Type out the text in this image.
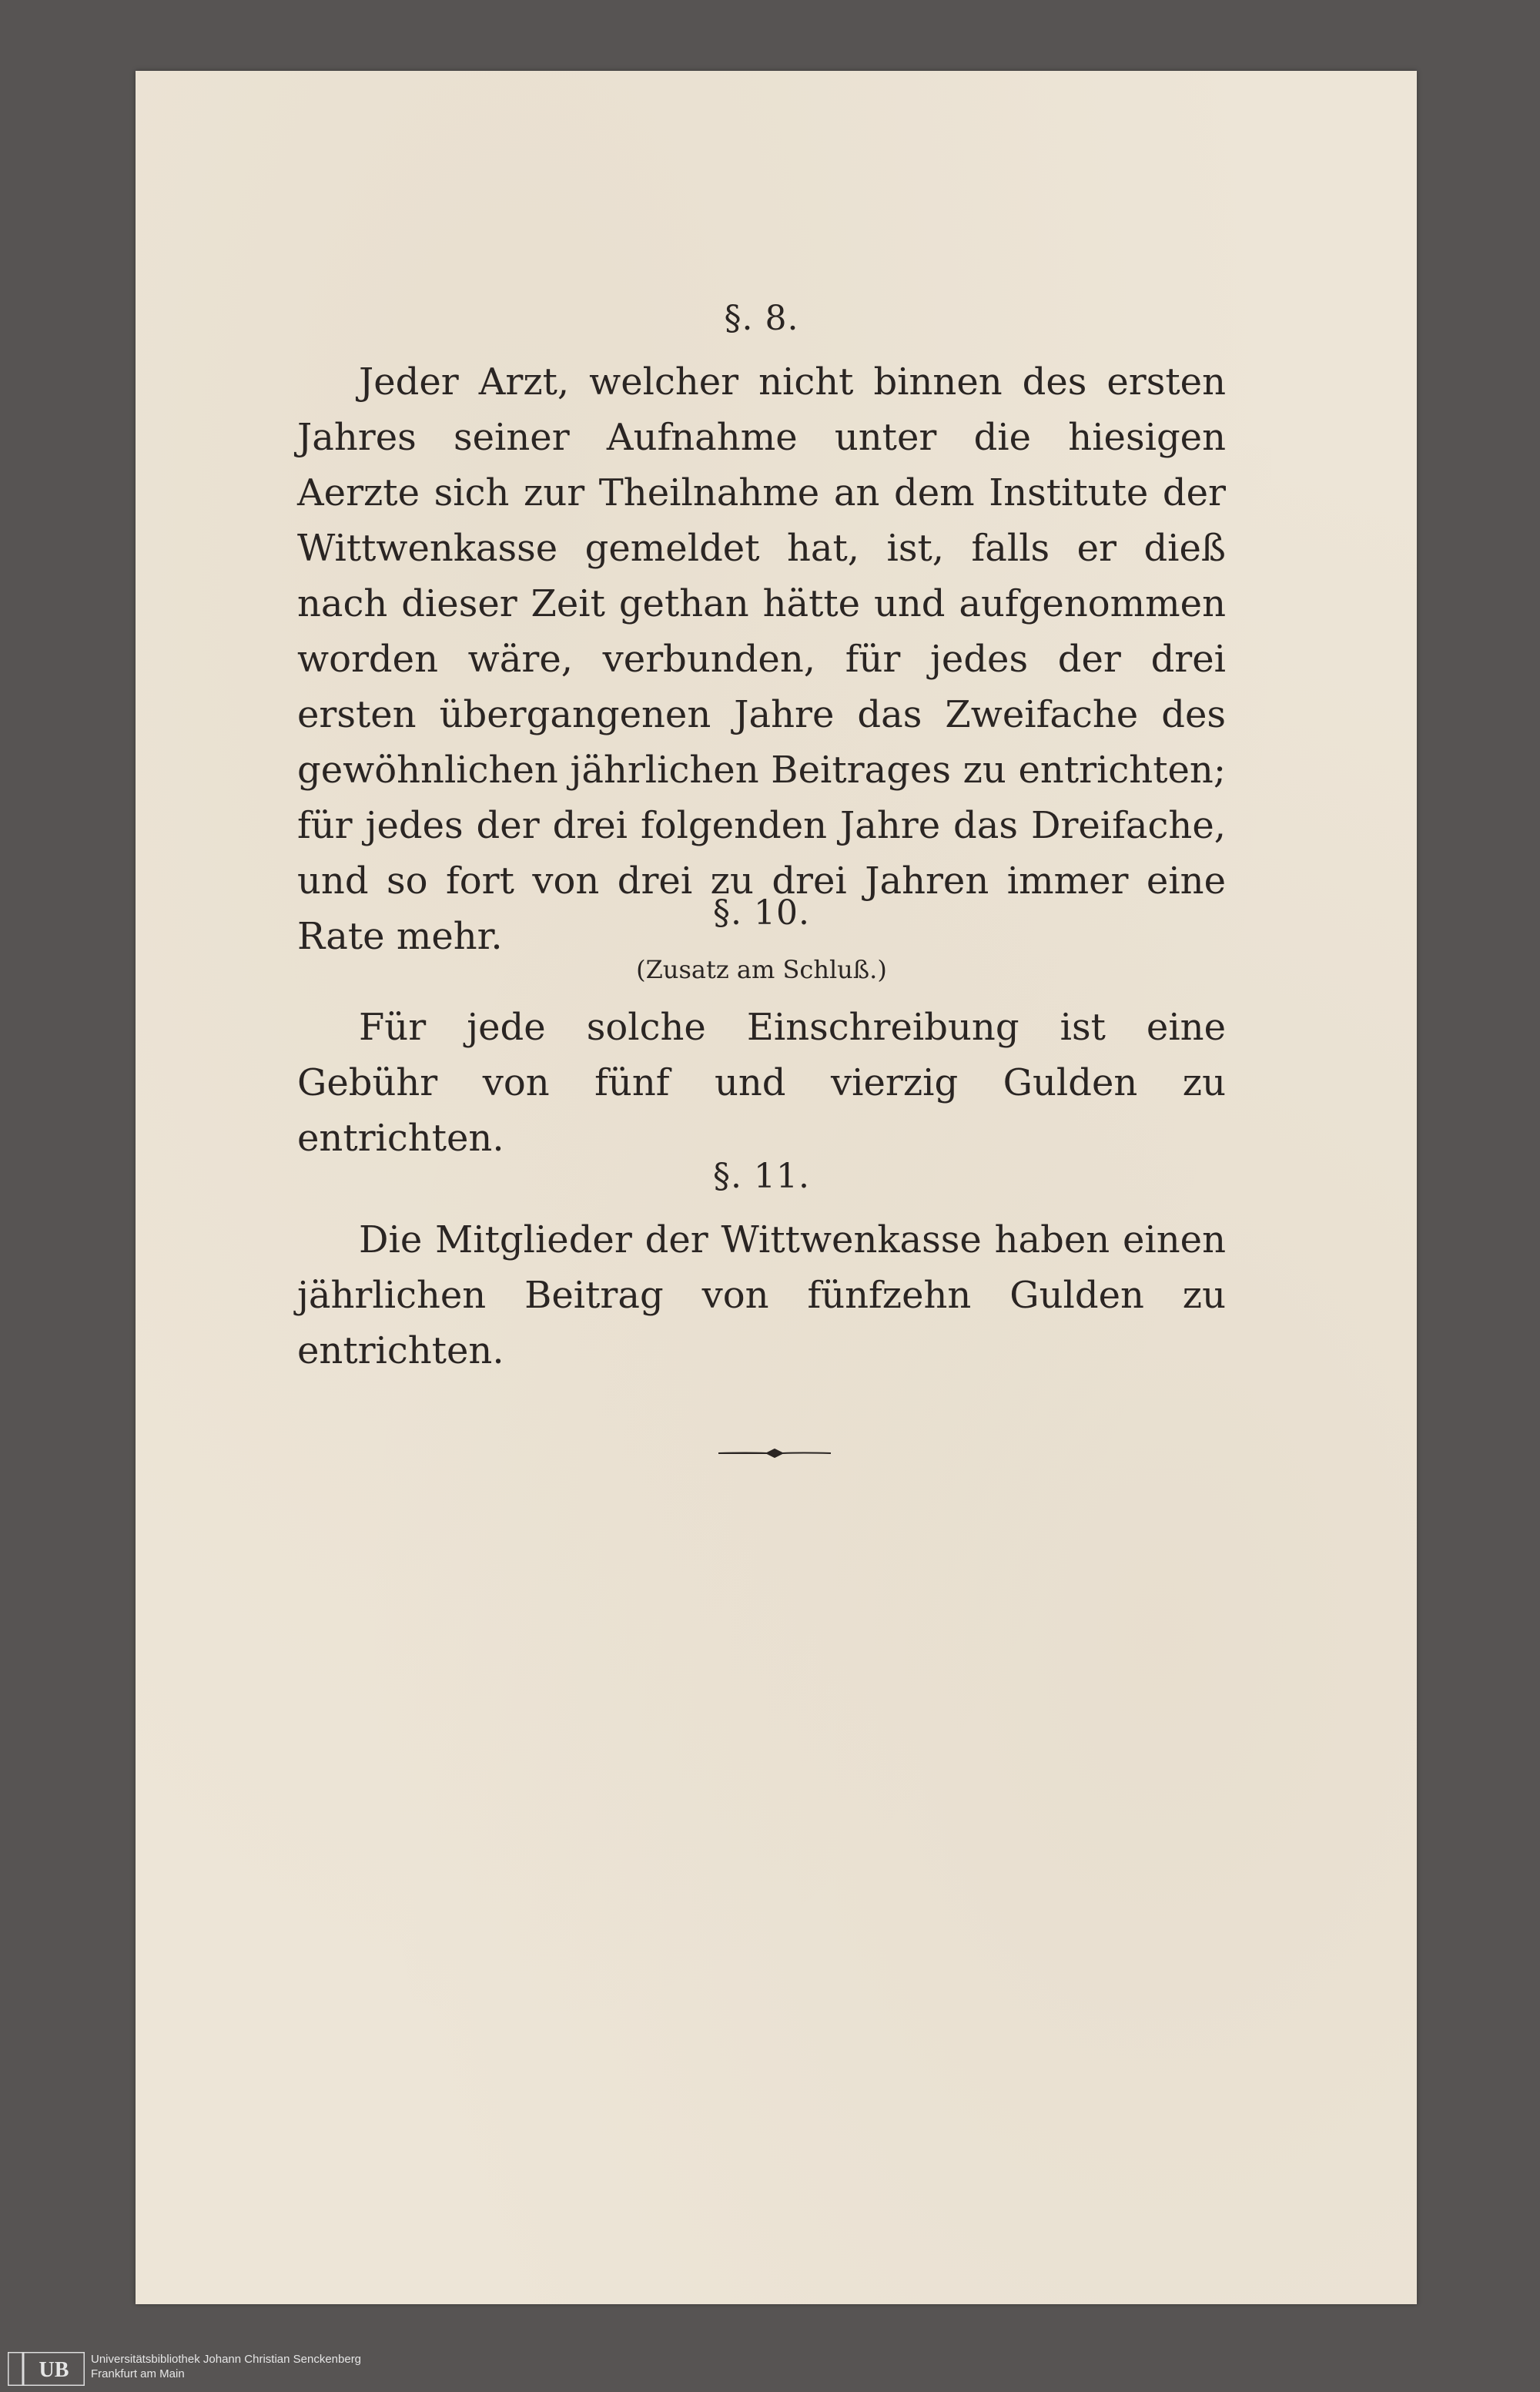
§. 8.
Jeder Arzt, welcher nicht binnen des ersten Jahres seiner Aufnahme unter die hiesigen Aerzte sich zur Theilnahme an dem Institute der Wittwenkasse gemeldet hat, ist, falls er dieß nach dieser Zeit gethan hätte und aufgenommen worden wäre, verbunden, für jedes der drei ersten übergangenen Jahre das Zweifache des gewöhnlichen jährlichen Beitrages zu entrichten; für jedes der drei folgenden Jahre das Dreifache, und so fort von drei zu drei Jahren immer eine Rate mehr.
§. 10.
(Zusatz am Schluß.)
Für jede solche Einschreibung ist eine Gebühr von fünf und vierzig Gulden zu entrichten.
§. 11.
Die Mitglieder der Wittwenkasse haben einen jährlichen Beitrag von fünfzehn Gulden zu entrichten.
UB Universitätsbibliothek Johann Christian Senckenberg
Frankfurt am Main
